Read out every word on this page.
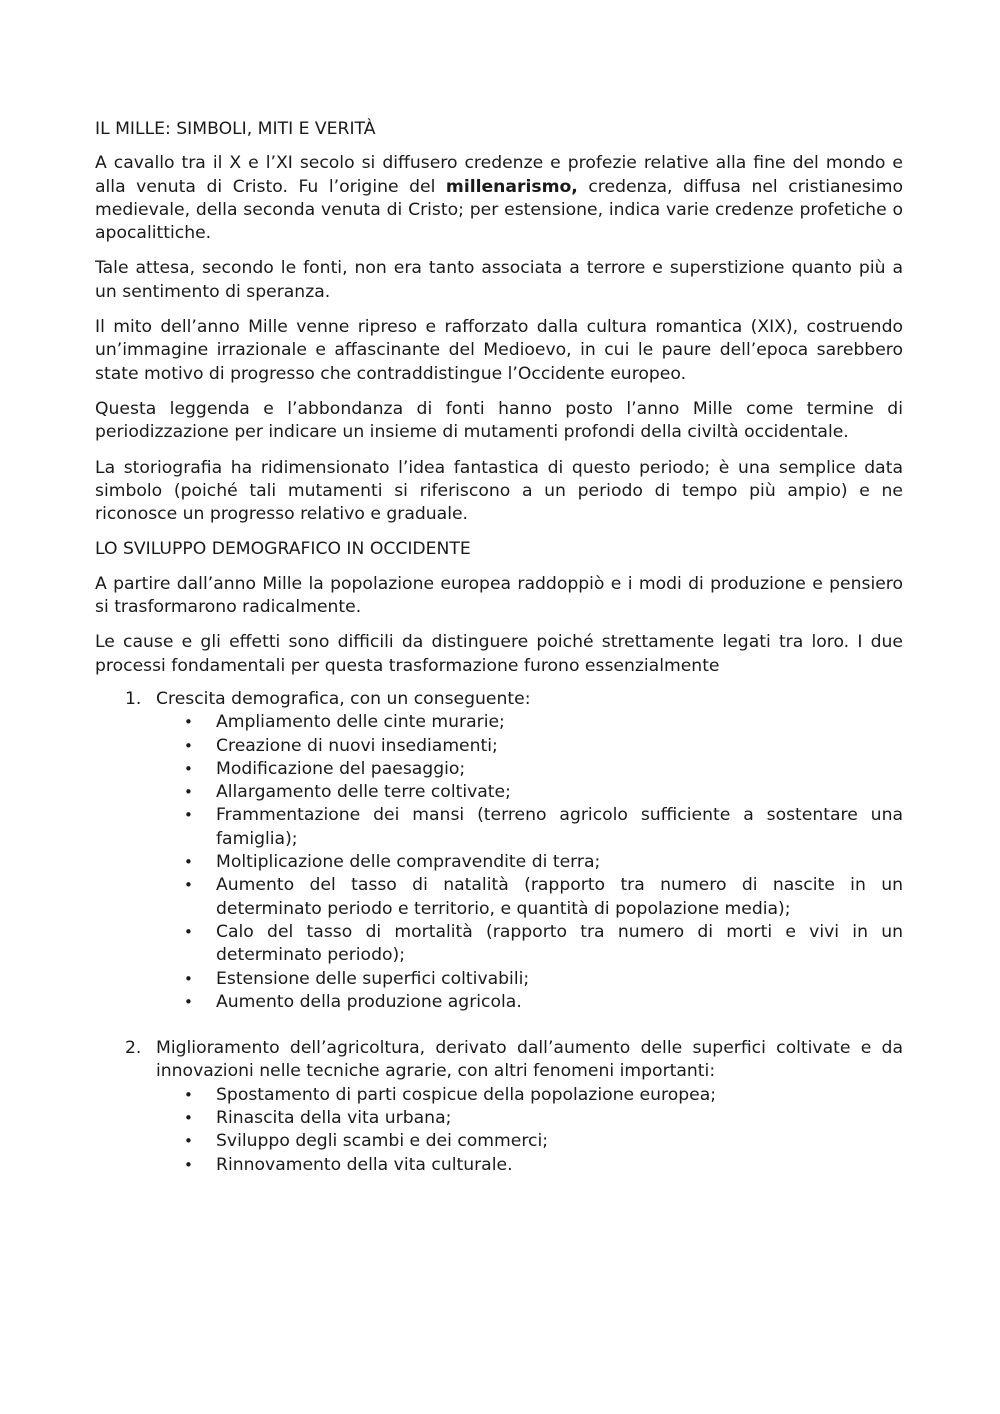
IL MILLE: SIMBOLI, MITI E VERITÀ

A cavallo tra il X e l’XI secolo si diffusero credenze e profezie relative alla fine del mondo e alla venuta di Cristo. Fu l’origine del millenarismo, credenza, diffusa nel cristianesimo medievale, della seconda venuta di Cristo; per estensione, indica varie credenze profetiche o apocalittiche.

Tale attesa, secondo le fonti, non era tanto associata a terrore e superstizione quanto più a un sentimento di speranza.

Il mito dell’anno Mille venne ripreso e rafforzato dalla cultura romantica (XIX), costruendo un’immagine irrazionale e affascinante del Medioevo, in cui le paure dell’epoca sarebbero state motivo di progresso che contraddistingue l’Occidente europeo.

Questa leggenda e l’abbondanza di fonti hanno posto l’anno Mille come termine di periodizzazione per indicare un insieme di mutamenti profondi della civiltà occidentale.

La storiografia ha ridimensionato l’idea fantastica di questo periodo; è una semplice data simbolo (poiché tali mutamenti si riferiscono a un periodo di tempo più ampio) e ne riconosce un progresso relativo e graduale.

LO SVILUPPO DEMOGRAFICO IN OCCIDENTE

A partire dall’anno Mille la popolazione europea raddoppiò e i modi di produzione e pensiero si trasformarono radicalmente.

Le cause e gli effetti sono difficili da distinguere poiché strettamente legati tra loro. I due processi fondamentali per questa trasformazione furono essenzialmente

1. Crescita demografica, con un conseguente:
• Ampliamento delle cinte murarie;
• Creazione di nuovi insediamenti;
• Modificazione del paesaggio;
• Allargamento delle terre coltivate;
• Frammentazione dei mansi (terreno agricolo sufficiente a sostentare una famiglia);
• Moltiplicazione delle compravendite di terra;
• Aumento del tasso di natalità (rapporto tra numero di nascite in un determinato periodo e territorio, e quantità di popolazione media);
• Calo del tasso di mortalità (rapporto tra numero di morti e vivi in un determinato periodo);
• Estensione delle superfici coltivabili;
• Aumento della produzione agricola.
2. Miglioramento dell’agricoltura, derivato dall’aumento delle superfici coltivate e da innovazioni nelle tecniche agrarie, con altri fenomeni importanti:
• Spostamento di parti cospicue della popolazione europea;
• Rinascita della vita urbana;
• Sviluppo degli scambi e dei commerci;
• Rinnovamento della vita culturale.
